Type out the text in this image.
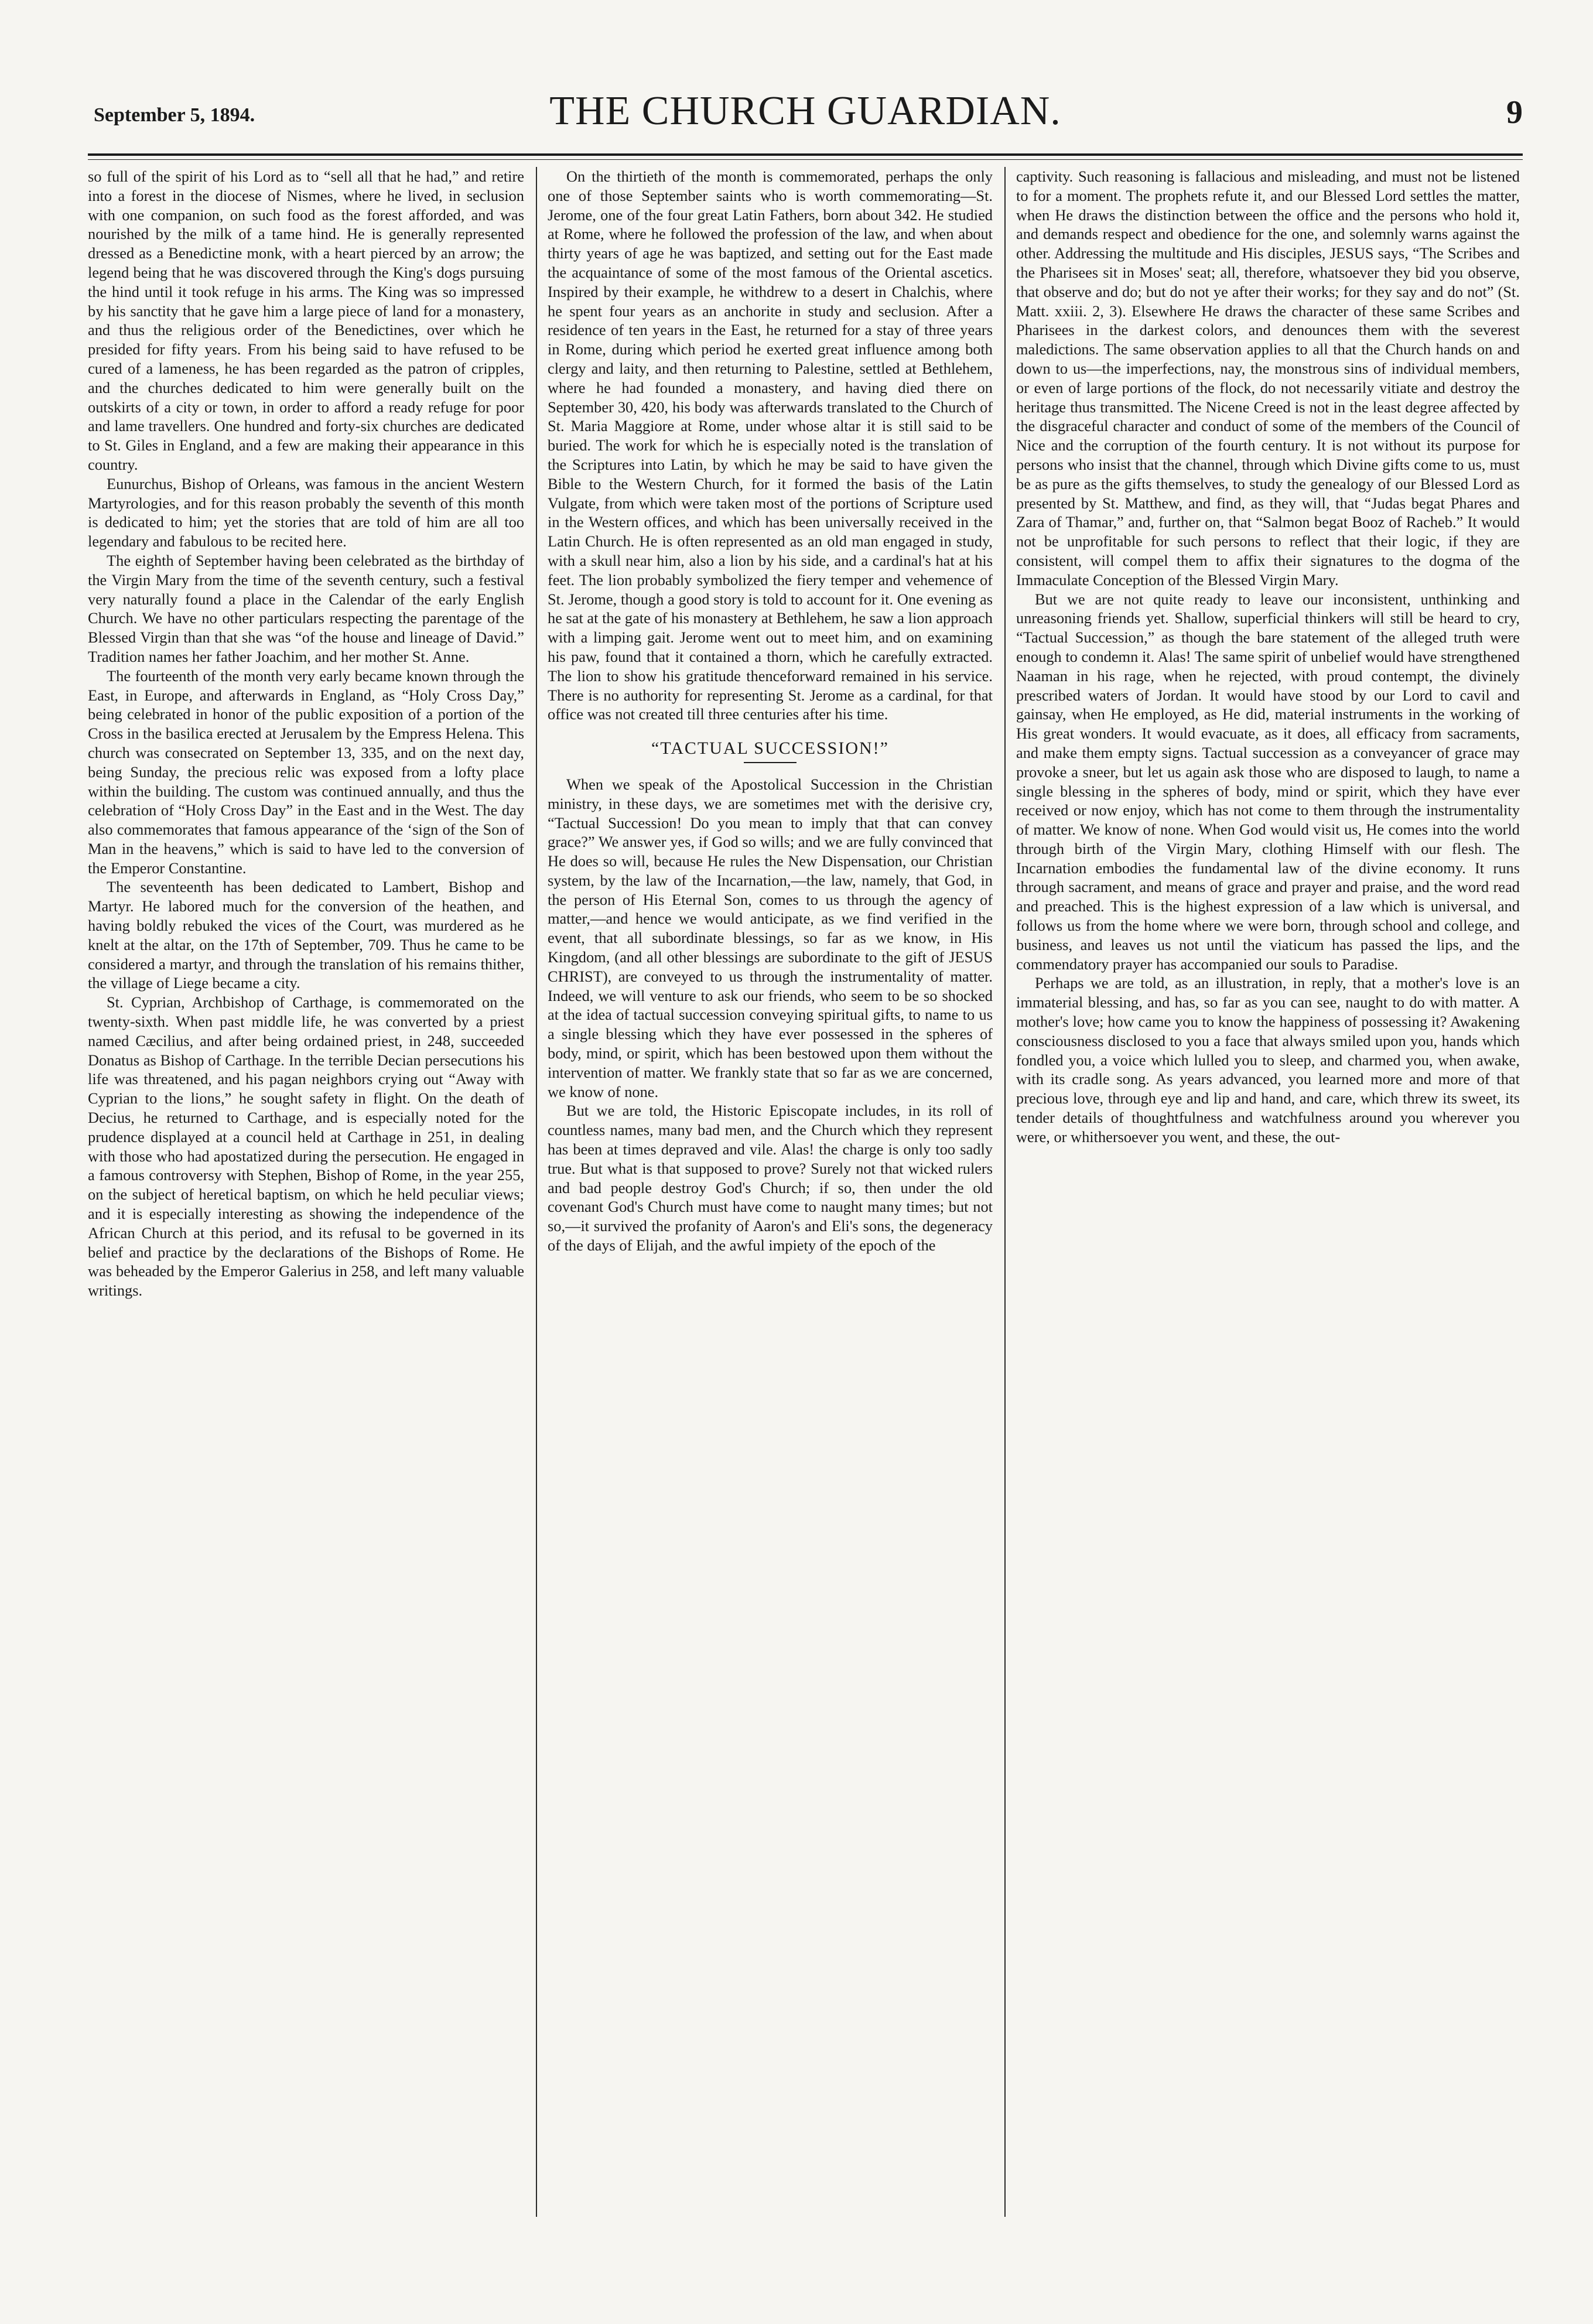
September 5, 1894.	THE CHURCH GUARDIAN.	9

so full of the spirit of his Lord as to “sell all that he had,” and retire into a forest in the diocese of Nismes, where he lived, in seclusion with one companion, on such food as the forest afforded, and was nourished by the milk of a tame hind. He is generally represented dressed as a Benedictine monk, with a heart pierced by an arrow; the legend being that he was discovered through the King's dogs pursuing the hind until it took refuge in his arms. The King was so impressed by his sanctity that he gave him a large piece of land for a monastery, and thus the religious order of the Benedictines, over which he presided for fifty years. From his being said to have refused to be cured of a lameness, he has been regarded as the patron of cripples, and the churches dedicated to him were generally built on the outskirts of a city or town, in order to afford a ready refuge for poor and lame travellers. One hundred and forty-six churches are dedicated to St. Giles in England, and a few are making their appearance in this country.

Eunurchus, Bishop of Orleans, was famous in the ancient Western Martyrologies, and for this reason probably the seventh of this month is dedicated to him; yet the stories that are told of him are all too legendary and fabulous to be recited here.

The eighth of September having been celebrated as the birthday of the Virgin Mary from the time of the seventh century, such a festival very naturally found a place in the Calendar of the early English Church. We have no other particulars respecting the parentage of the Blessed Virgin than that she was “of the house and lineage of David.” Tradition names her father Joachim, and her mother St. Anne.

The fourteenth of the month very early became known through the East, in Europe, and afterwards in England, as “Holy Cross Day,” being celebrated in honor of the public exposition of a portion of the Cross in the basilica erected at Jerusalem by the Empress Helena. This church was consecrated on September 13, 335, and on the next day, being Sunday, the precious relic was exposed from a lofty place within the building. The custom was continued annually, and thus the celebration of “Holy Cross Day” in the East and in the West. The day also commemorates that famous appearance of the ‘sign of the Son of Man in the heavens,” which is said to have led to the conversion of the Emperor Constantine.

The seventeenth has been dedicated to Lambert, Bishop and Martyr. He labored much for the conversion of the heathen, and having boldly rebuked the vices of the Court, was murdered as he knelt at the altar, on the 17th of September, 709. Thus he came to be considered a martyr, and through the translation of his remains thither, the village of Liege became a city.

St. Cyprian, Archbishop of Carthage, is commemorated on the twenty-sixth. When past middle life, he was converted by a priest named Cæcilius, and after being ordained priest, in 248, succeeded Donatus as Bishop of Carthage. In the terrible Decian persecutions his life was threatened, and his pagan neighbors crying out “Away with Cyprian to the lions,” he sought safety in flight. On the death of Decius, he returned to Carthage, and is especially noted for the prudence displayed at a council held at Carthage in 251, in dealing with those who had apostatized during the persecution. He engaged in a famous controversy with Stephen, Bishop of Rome, in the year 255, on the subject of heretical baptism, on which he held peculiar views; and it is especially interesting as showing the independence of the African Church at this period, and its refusal to be governed in its belief and practice by the declarations of the Bishops of Rome. He was beheaded by the Emperor Galerius in 258, and left many valuable writings.

On the thirtieth of the month is commemorated, perhaps the only one of those September saints who is worth commemorating—St. Jerome, one of the four great Latin Fathers, born about 342. He studied at Rome, where he followed the profession of the law, and when about thirty years of age he was baptized, and setting out for the East made the acquaintance of some of the most famous of the Oriental ascetics. Inspired by their example, he withdrew to a desert in Chalchis, where he spent four years as an anchorite in study and seclusion. After a residence of ten years in the East, he returned for a stay of three years in Rome, during which period he exerted great influence among both clergy and laity, and then returning to Palestine, settled at Bethlehem, where he had founded a monastery, and having died there on September 30, 420, his body was afterwards translated to the Church of St. Maria Maggiore at Rome, under whose altar it is still said to be buried. The work for which he is especially noted is the translation of the Scriptures into Latin, by which he may be said to have given the Bible to the Western Church, for it formed the basis of the Latin Vulgate, from which were taken most of the portions of Scripture used in the Western offices, and which has been universally received in the Latin Church. He is often represented as an old man engaged in study, with a skull near him, also a lion by his side, and a cardinal's hat at his feet. The lion probably symbolized the fiery temper and vehemence of St. Jerome, though a good story is told to account for it. One evening as he sat at the gate of his monastery at Bethlehem, he saw a lion approach with a limping gait. Jerome went out to meet him, and on examining his paw, found that it contained a thorn, which he carefully extracted. The lion to show his gratitude thenceforward remained in his service. There is no authority for representing St. Jerome as a cardinal, for that office was not created till three centuries after his time.

“TACTUAL SUCCESSION!”

When we speak of the Apostolical Succession in the Christian ministry, in these days, we are sometimes met with the derisive cry, “Tactual Succession! Do you mean to imply that that can convey grace?” We answer yes, if God so wills; and we are fully convinced that He does so will, because He rules the New Dispensation, our Christian system, by the law of the Incarnation,—the law, namely, that God, in the person of His Eternal Son, comes to us through the agency of matter,—and hence we would anticipate, as we find verified in the event, that all subordinate blessings, so far as we know, in His Kingdom, (and all other blessings are subordinate to the gift of JESUS CHRIST), are conveyed to us through the instrumentality of matter. Indeed, we will venture to ask our friends, who seem to be so shocked at the idea of tactual succession conveying spiritual gifts, to name to us a single blessing which they have ever possessed in the spheres of body, mind, or spirit, which has been bestowed upon them without the intervention of matter. We frankly state that so far as we are concerned, we know of none.

But we are told, the Historic Episcopate includes, in its roll of countless names, many bad men, and the Church which they represent has been at times depraved and vile. Alas! the charge is only too sadly true. But what is that supposed to prove? Surely not that wicked rulers and bad people destroy God's Church; if so, then under the old covenant God's Church must have come to naught many times; but not so,—it survived the profanity of Aaron's and Eli's sons, the degeneracy of the days of Elijah, and the awful impiety of the epoch of the

captivity. Such reasoning is fallacious and misleading, and must not be listened to for a moment. The prophets refute it, and our Blessed Lord settles the matter, when He draws the distinction between the office and the persons who hold it, and demands respect and obedience for the one, and solemnly warns against the other. Addressing the multitude and His disciples, JESUS says, “The Scribes and the Pharisees sit in Moses' seat; all, therefore, whatsoever they bid you observe, that observe and do; but do not ye after their works; for they say and do not” (St. Matt. xxiii. 2, 3). Elsewhere He draws the character of these same Scribes and Pharisees in the darkest colors, and denounces them with the severest maledictions. The same observation applies to all that the Church hands on and down to us—the imperfections, nay, the monstrous sins of individual members, or even of large portions of the flock, do not necessarily vitiate and destroy the heritage thus transmitted. The Nicene Creed is not in the least degree affected by the disgraceful character and conduct of some of the members of the Council of Nice and the corruption of the fourth century. It is not without its purpose for persons who insist that the channel, through which Divine gifts come to us, must be as pure as the gifts themselves, to study the genealogy of our Blessed Lord as presented by St. Matthew, and find, as they will, that “Judas begat Phares and Zara of Thamar,” and, further on, that “Salmon begat Booz of Racheb.” It would not be unprofitable for such persons to reflect that their logic, if they are consistent, will compel them to affix their signatures to the dogma of the Immaculate Conception of the Blessed Virgin Mary.

But we are not quite ready to leave our inconsistent, unthinking and unreasoning friends yet. Shallow, superficial thinkers will still be heard to cry, “Tactual Succession,” as though the bare statement of the alleged truth were enough to condemn it. Alas! The same spirit of unbelief would have strengthened Naaman in his rage, when he rejected, with proud contempt, the divinely prescribed waters of Jordan. It would have stood by our Lord to cavil and gainsay, when He employed, as He did, material instruments in the working of His great wonders. It would evacuate, as it does, all efficacy from sacraments, and make them empty signs. Tactual succession as a conveyancer of grace may provoke a sneer, but let us again ask those who are disposed to laugh, to name a single blessing in the spheres of body, mind or spirit, which they have ever received or now enjoy, which has not come to them through the instrumentality of matter. We know of none. When God would visit us, He comes into the world through birth of the Virgin Mary, clothing Himself with our flesh. The Incarnation embodies the fundamental law of the divine economy. It runs through sacrament, and means of grace and prayer and praise, and the word read and preached. This is the highest expression of a law which is universal, and follows us from the home where we were born, through school and college, and business, and leaves us not until the viaticum has passed the lips, and the commendatory prayer has accompanied our souls to Paradise.

Perhaps we are told, as an illustration, in reply, that a mother's love is an immaterial blessing, and has, so far as you can see, naught to do with matter. A mother's love; how came you to know the happiness of possessing it? Awakening consciousness disclosed to you a face that always smiled upon you, hands which fondled you, a voice which lulled you to sleep, and charmed you, when awake, with its cradle song. As years advanced, you learned more and more of that precious love, through eye and lip and hand, and care, which threw its sweet, its tender details of thoughtfulness and watchfulness around you wherever you were, or whithersoever you went, and these, the out-
